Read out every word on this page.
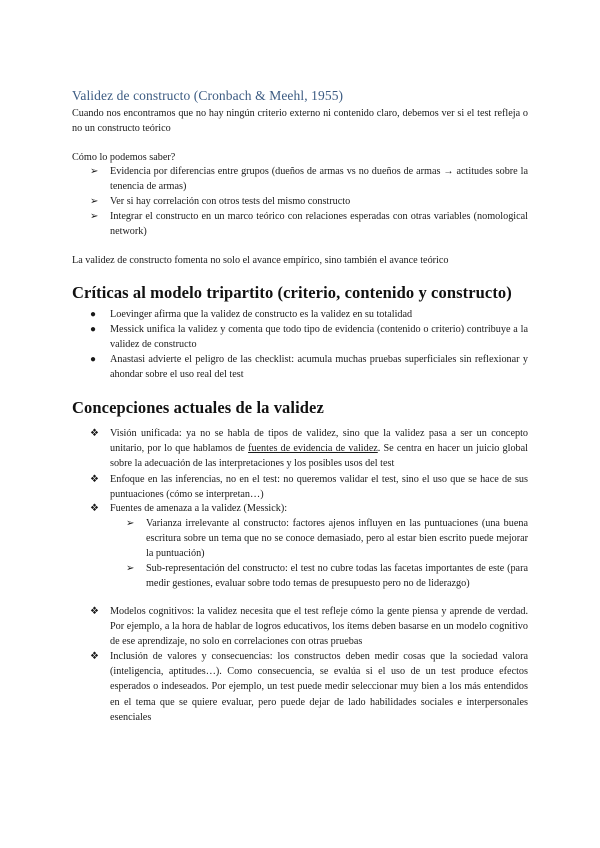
Validez de constructo (Cronbach & Meehl, 1955)
Cuando nos encontramos que no hay ningún criterio externo ni contenido claro, debemos ver si el test refleja o no un constructo teórico
Cómo lo podemos saber?
➢	Evidencia por diferencias entre grupos (dueños de armas vs no dueños de armas → actitudes sobre la tenencia de armas)
➢	Ver si hay correlación con otros tests del mismo constructo
➢	Integrar el constructo en un marco teórico con relaciones esperadas con otras variables (nomological network)
La validez de constructo fomenta no solo el avance empírico, sino también el avance teórico
Críticas al modelo tripartito (criterio, contenido y constructo)
●	Loevinger afirma que la validez de constructo es la validez en su totalidad
●	Messick unifica la validez y comenta que todo tipo de evidencia (contenido o criterio) contribuye a la validez de constructo
●	Anastasi advierte el peligro de las checklist: acumula muchas pruebas superficiales sin reflexionar y ahondar sobre el uso real del test
Concepciones actuales de la validez
❖	Visión unificada: ya no se habla de tipos de validez, sino que la validez pasa a ser un concepto unitario, por lo que hablamos de fuentes de evidencia de validez. Se centra en hacer un juicio global sobre la adecuación de las interpretaciones y los posibles usos del test
❖	Enfoque en las inferencias, no en el test: no queremos validar el test, sino el uso que se hace de sus puntuaciones (cómo se interpretan…)
❖	Fuentes de amenaza a la validez (Messick):
➢	Varianza irrelevante al constructo: factores ajenos influyen en las puntuaciones (una buena escritura sobre un tema que no se conoce demasiado, pero al estar bien escrito puede mejorar la puntuación)
➢	Sub-representación del constructo: el test no cubre todas las facetas importantes de este (para medir gestiones, evaluar sobre todo temas de presupuesto pero no de liderazgo)
❖	Modelos cognitivos: la validez necesita que el test refleje cómo la gente piensa y aprende de verdad. Por ejemplo, a la hora de hablar de logros educativos, los ítems deben basarse en un modelo cognitivo de ese aprendizaje, no solo en correlaciones con otras pruebas
❖	Inclusión de valores y consecuencias: los constructos deben medir cosas que la sociedad valora (inteligencia, aptitudes…). Como consecuencia, se evalúa si el uso de un test produce efectos esperados o indeseados. Por ejemplo, un test puede medir seleccionar muy bien a los más entendidos en el tema que se quiere evaluar, pero puede dejar de lado habilidades sociales e interpersonales esenciales
